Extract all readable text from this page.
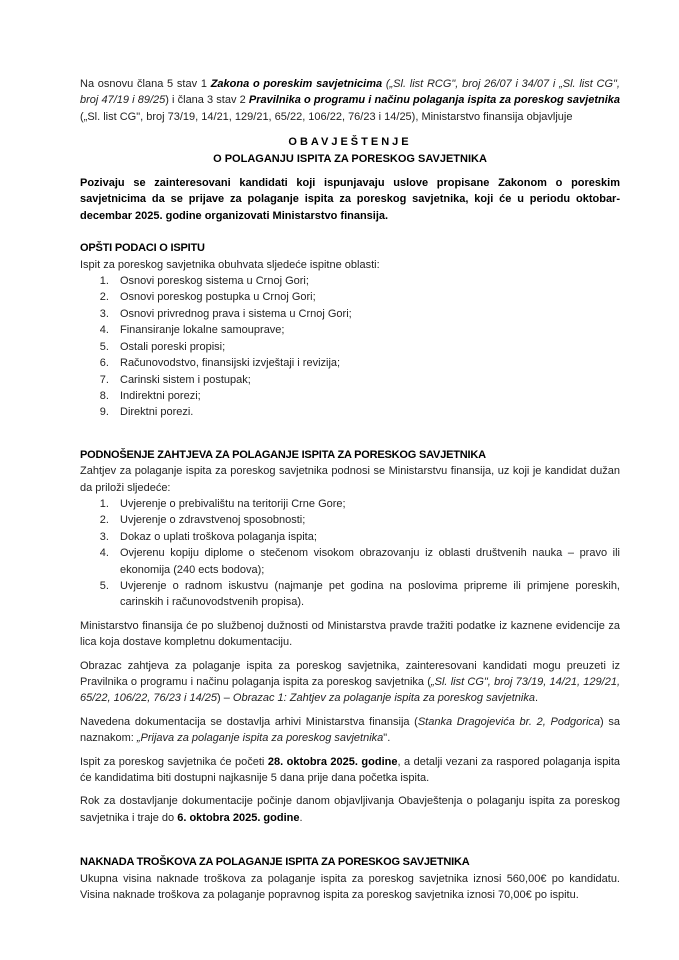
Na osnovu člana 5 stav 1 Zakona o poreskim savjetnicima („Sl. list RCG", broj 26/07 i 34/07 i „Sl. list CG", broj 47/19 i 89/25) i člana 3 stav 2 Pravilnika o programu i načinu polaganja ispita za poreskog savjetnika („Sl. list CG", broj 73/19, 14/21, 129/21, 65/22, 106/22, 76/23 i 14/25), Ministarstvo finansija objavljuje

OBAVJEŠTENJE
O POLAGANJU ISPITA ZA PORESKOG SAVJETNIKA

Pozivaju se zainteresovani kandidati koji ispunjavaju uslove propisane Zakonom o poreskim savjetnicima da se prijave za polaganje ispita za poreskog savjetnika, koji će u periodu oktobar-decembar 2025. godine organizovati Ministarstvo finansija.

OPŠTI PODACI O ISPITU

Ispit za poreskog savjetnika obuhvata sljedeće ispitne oblasti:

1. Osnovi poreskog sistema u Crnoj Gori;
2. Osnovi poreskog postupka u Crnoj Gori;
3. Osnovi privrednog prava i sistema u Crnoj Gori;
4. Finansiranje lokalne samouprave;
5. Ostali poreski propisi;
6. Računovodstvo, finansijski izvještaji i revizija;
7. Carinski sistem i postupak;
8. Indirektni porezi;
9. Direktni porezi.
PODNOŠENJE ZAHTJEVA ZA POLAGANJE ISPITA ZA PORESKOG SAVJETNIKA

Zahtjev za polaganje ispita za poreskog savjetnika podnosi se Ministarstvu finansija, uz koji je kandidat dužan da priloži sljedeće:

1. Uvjerenje o prebivalištu na teritoriji Crne Gore;
2. Uvjerenje o zdravstvenoj sposobnosti;
3. Dokaz o uplati troškova polaganja ispita;
4. Ovjerenu kopiju diplome o stečenom visokom obrazovanju iz oblasti društvenih nauka – pravo ili ekonomija (240 ects bodova);
5. Uvjerenje o radnom iskustvu (najmanje pet godina na poslovima pripreme ili primjene poreskih, carinskih i računovodstvenih propisa).

Ministarstvo finansija će po službenoj dužnosti od Ministarstva pravde tražiti podatke iz kaznene evidencije za lica koja dostave kompletnu dokumentaciju.

Obrazac zahtjeva za polaganje ispita za poreskog savjetnika, zainteresovani kandidati mogu preuzeti iz Pravilnika o programu i načinu polaganja ispita za poreskog savjetnika („Sl. list CG", broj 73/19, 14/21, 129/21, 65/22, 106/22, 76/23 i 14/25) – Obrazac 1: Zahtjev za polaganje ispita za poreskog savjetnika.

Navedena dokumentacija se dostavlja arhivi Ministarstva finansija (Stanka Dragojevića br. 2, Podgorica) sa naznakom: „Prijava za polaganje ispita za poreskog savjetnika".

Ispit za poreskog savjetnika će početi 28. oktobra 2025. godine, a detalji vezani za raspored polaganja ispita će kandidatima biti dostupni najkasnije 5 dana prije dana početka ispita.

Rok za dostavljanje dokumentacije počinje danom objavljivanja Obavještenja o polaganju ispita za poreskog savjetnika i traje do 6. oktobra 2025. godine.

NAKNADA TROŠKOVA ZA POLAGANJE ISPITA ZA PORESKOG SAVJETNIKA

Ukupna visina naknade troškova za polaganje ispita za poreskog savjetnika iznosi 560,00€ po kandidatu. Visina naknade troškova za polaganje popravnog ispita za poreskog savjetnika iznosi 70,00€ po ispitu.
